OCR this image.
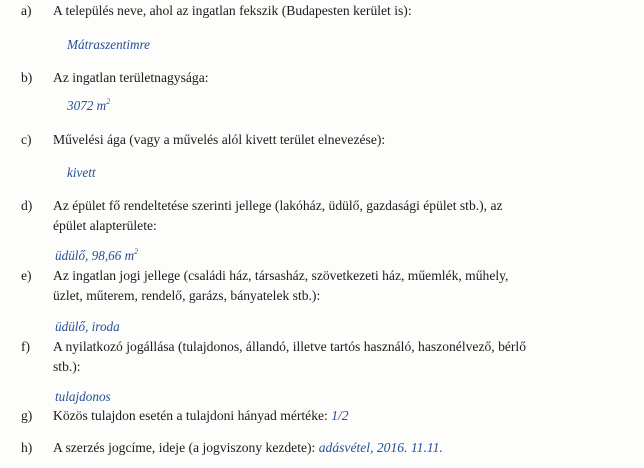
a) A település neve, ahol az ingatlan fekszik (Budapesten kerület is):
Mátraszentimre
b) Az ingatlan területnagysága:
3072 $m^2$
c) Művelési ága (vagy a művelés alól kivett terület elnevezése):
kivett
d) Az épület fő rendeltetése szerinti jellege (lakóház, üdülő, gazdasági épület stb.), az
épület alapterülete:
üdülő, 98,66 $m^2$
e) Az ingatlan jogi jellege (családi ház, társasház, szövetkezeti ház, műemlék, műhely,
üzlet, műterem, rendelő, garázs, bányatelek stb.):
üdülő, iroda
f) A nyilatkozó jogállása (tulajdonos, állandó, illetve tartós használó, haszonélvező, bérlő
stb.):
tulajdonos
g) Közös tulajdon esetén a tulajdoni hányad mértéke: 1/2
h) A szerzés jogcíme, ideje (a jogviszony kezdete): adásvétel, 2016. 11.11.
